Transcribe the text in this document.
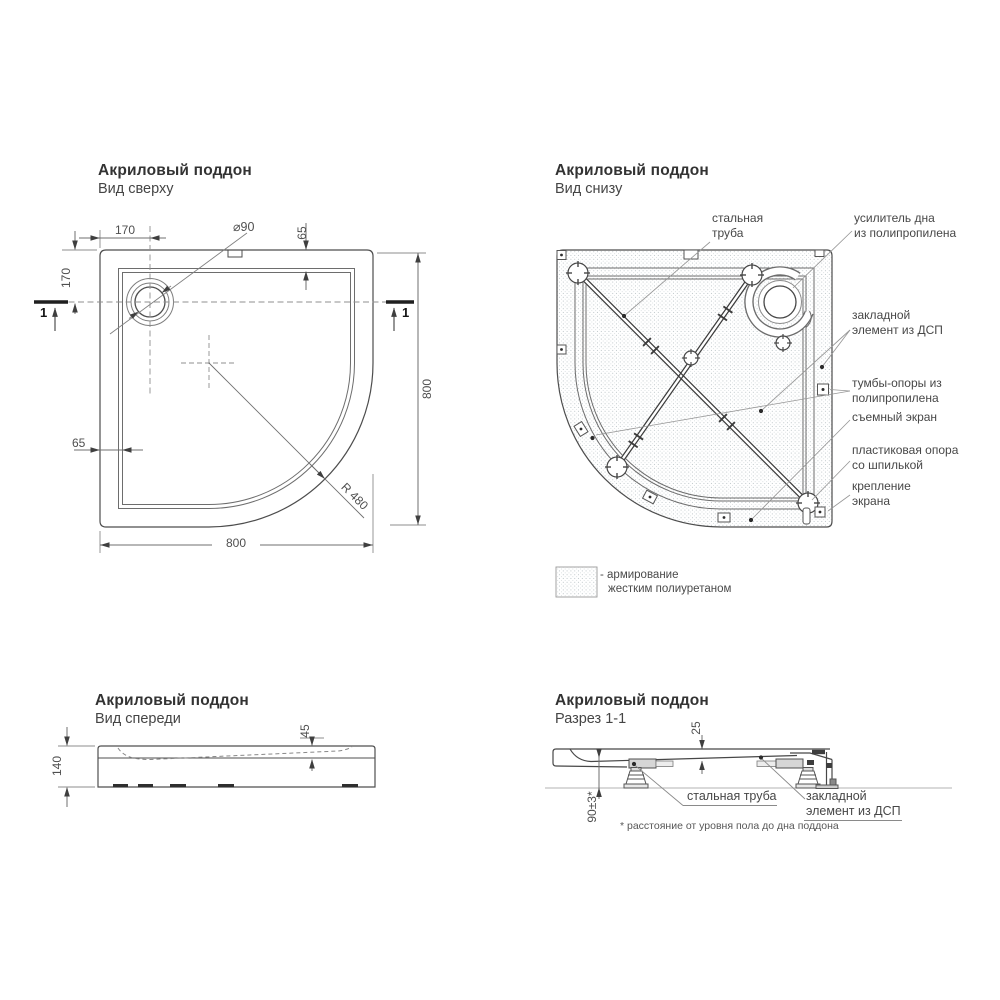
Акриловый поддон
Вид сверху
170
170
⌀90	65
65
800
800
R 480
1	1
Акриловый поддон
Вид снизу
стальная
труба
усилитель дна
из полипропилена
закладной
элемент из ДСП
тумбы-опоры из
полипропилена
съемный экран
пластиковая опора
со шпилькой
крепление
экрана
- армирование
жестким полиуретаном
Акриловый поддон
Вид спереди
140
45
Акриловый поддон
Разрез 1-1
25
90±3*	стальная труба закладной
элемент из ДСП
* расстояние от уровня пола до дна поддона
